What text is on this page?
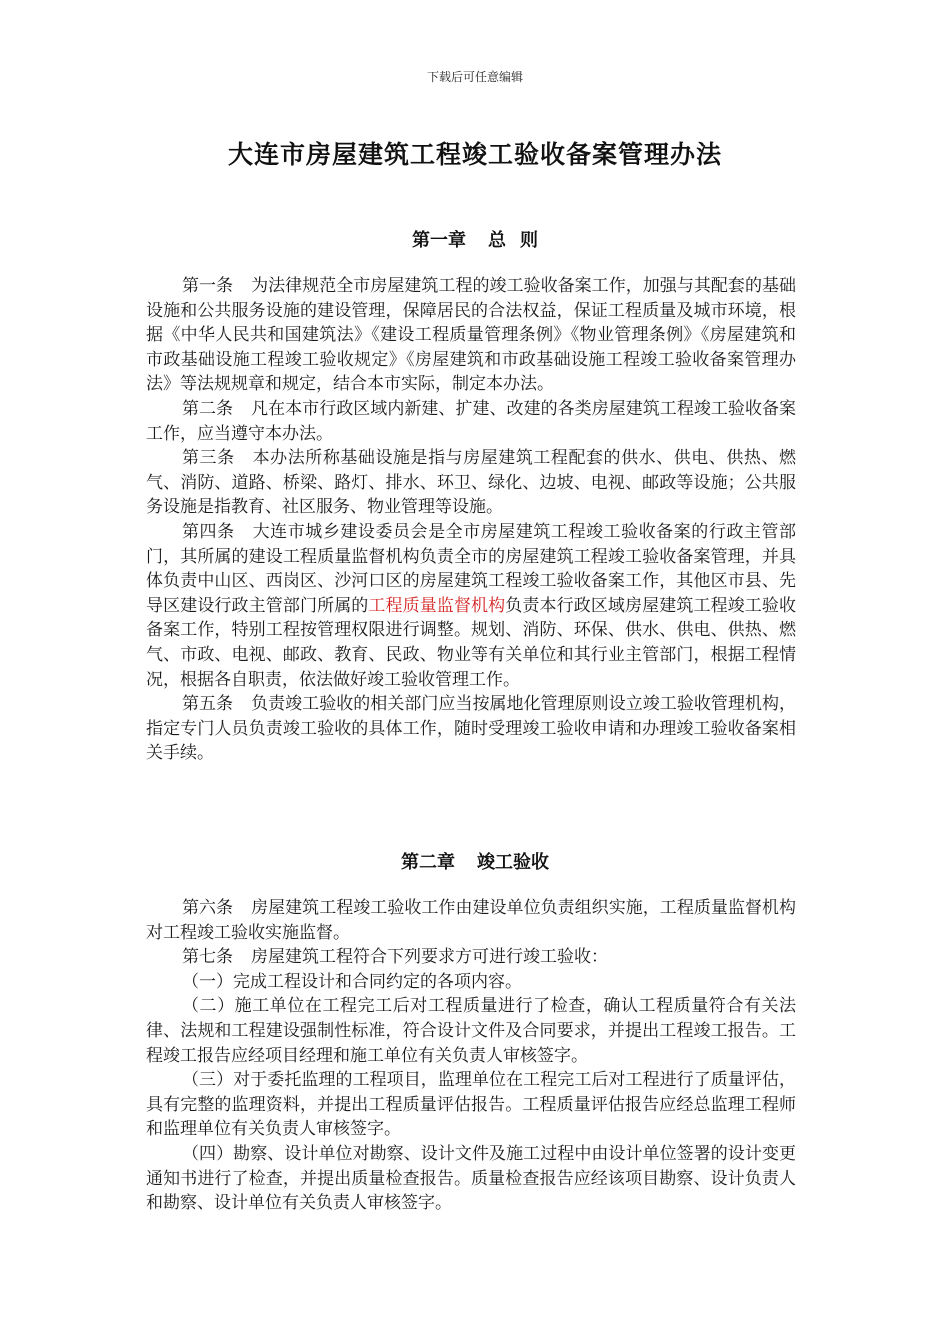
下载后可任意编辑
大连市房屋建筑工程竣工验收备案管理办法
第一章 总 则

第一条 为法律规范全市房屋建筑工程的竣工验收备案工作，加强与其配套的基础设施和公共服务设施的建设管理，保障居民的合法权益，保证工程质量及城市环境，根据《中华人民共和国建筑法》《建设工程质量管理条例》《物业管理条例》《房屋建筑和市政基础设施工程竣工验收规定》《房屋建筑和市政基础设施工程竣工验收备案管理办法》等法规规章和规定，结合本市实际，制定本办法。

第二条 凡在本市行政区域内新建、扩建、改建的各类房屋建筑工程竣工验收备案工作，应当遵守本办法。

第三条 本办法所称基础设施是指与房屋建筑工程配套的供水、供电、供热、燃气、消防、道路、桥梁、路灯、排水、环卫、绿化、边坡、电视、邮政等设施；公共服务设施是指教育、社区服务、物业管理等设施。

第四条 大连市城乡建设委员会是全市房屋建筑工程竣工验收备案的行政主管部门，其所属的建设工程质量监督机构负责全市的房屋建筑工程竣工验收备案管理，并具体负责中山区、西岗区、沙河口区的房屋建筑工程竣工验收备案工作，其他区市县、先导区建设行政主管部门所属的工程质量监督机构负责本行政区域房屋建筑工程竣工验收备案工作，特别工程按管理权限进行调整。规划、消防、环保、供水、供电、供热、燃气、市政、电视、邮政、教育、民政、物业等有关单位和其行业主管部门，根据工程情况，根据各自职责，依法做好竣工验收管理工作。

第五条 负责竣工验收的相关部门应当按属地化管理原则设立竣工验收管理机构，指定专门人员负责竣工验收的具体工作，随时受理竣工验收申请和办理竣工验收备案相关手续。

第二章 竣工验收

第六条 房屋建筑工程竣工验收工作由建设单位负责组织实施，工程质量监督机构对工程竣工验收实施监督。

第七条 房屋建筑工程符合下列要求方可进行竣工验收：

（一）完成工程设计和合同约定的各项内容。

（二）施工单位在工程完工后对工程质量进行了检查，确认工程质量符合有关法律、法规和工程建设强制性标准，符合设计文件及合同要求，并提出工程竣工报告。工程竣工报告应经项目经理和施工单位有关负责人审核签字。

（三）对于委托监理的工程项目，监理单位在工程完工后对工程进行了质量评估，具有完整的监理资料，并提出工程质量评估报告。工程质量评估报告应经总监理工程师和监理单位有关负责人审核签字。

（四）勘察、设计单位对勘察、设计文件及施工过程中由设计单位签署的设计变更通知书进行了检查，并提出质量检查报告。质量检查报告应经该项目勘察、设计负责人和勘察、设计单位有关负责人审核签字。
